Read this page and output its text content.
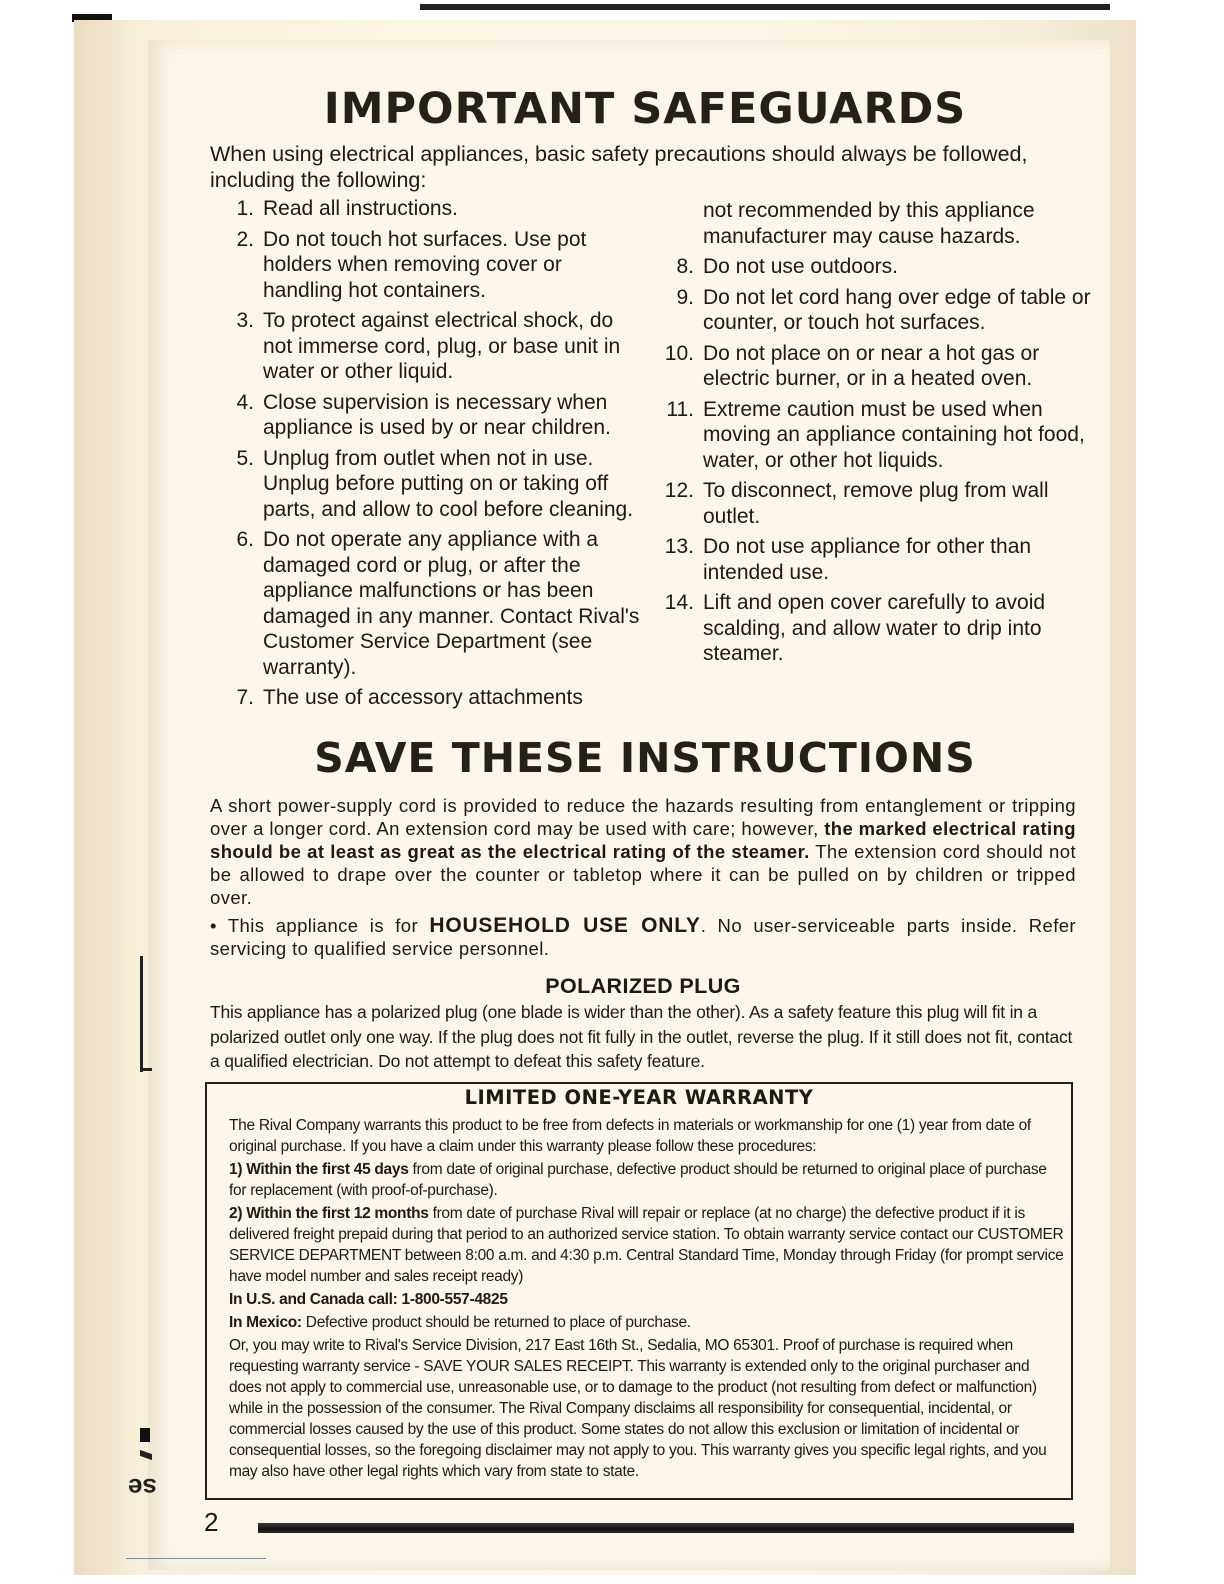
se
IMPORTANT SAFEGUARDS

When using electrical appliances, basic safety precautions should always be followed, including the following:

1. Read all instructions.
2. Do not touch hot surfaces. Use pot holders when removing cover or handling hot containers.
3. To protect against electrical shock, do not immerse cord, plug, or base unit in water or other liquid.
4. Close supervision is necessary when appliance is used by or near children.
5. Unplug from outlet when not in use. Unplug before putting on or taking off parts, and allow to cool before cleaning.
6. Do not operate any appliance with a damaged cord or plug, or after the appliance malfunctions or has been damaged in any manner. Contact Rival's Customer Service Department (see warranty).
7. The use of accessory attachments
not recommended by this appliance manufacturer may cause hazards.
8. Do not use outdoors.
9. Do not let cord hang over edge of table or counter, or touch hot surfaces.
10. Do not place on or near a hot gas or electric burner, or in a heated oven.
11. Extreme caution must be used when moving an appliance containing hot food, water, or other hot liquids.
12. To disconnect, remove plug from wall outlet.
13. Do not use appliance for other than intended use.
14. Lift and open cover carefully to avoid scalding, and allow water to drip into steamer.
SAVE THESE INSTRUCTIONS

A short power-supply cord is provided to reduce the hazards resulting from entanglement or tripping over a longer cord. An extension cord may be used with care; however, the marked electrical rating should be at least as great as the electrical rating of the steamer. The extension cord should not be allowed to drape over the counter or tabletop where it can be pulled on by children or tripped over.

• This appliance is for HOUSEHOLD USE ONLY. No user-serviceable parts inside. Refer servicing to qualified service personnel.

POLARIZED PLUG

This appliance has a polarized plug (one blade is wider than the other). As a safety feature this plug will fit in a polarized outlet only one way. If the plug does not fit fully in the outlet, reverse the plug. If it still does not fit, contact a qualified electrician. Do not attempt to defeat this safety feature.

LIMITED ONE-YEAR WARRANTY

The Rival Company warrants this product to be free from defects in materials or workmanship for one (1) year from date of original purchase. If you have a claim under this warranty please follow these procedures:

1) Within the first 45 days from date of original purchase, defective product should be returned to original place of purchase for replacement (with proof-of-purchase).

2) Within the first 12 months from date of purchase Rival will repair or replace (at no charge) the defective product if it is delivered freight prepaid during that period to an authorized service station. To obtain warranty service contact our CUSTOMER SERVICE DEPARTMENT between 8:00 a.m. and 4:30 p.m. Central Standard Time, Monday through Friday (for prompt service have model number and sales receipt ready)

In U.S. and Canada call: 1-800-557-4825

In Mexico: Defective product should be returned to place of purchase.

Or, you may write to Rival's Service Division, 217 East 16th St., Sedalia, MO 65301. Proof of purchase is required when requesting warranty service - SAVE YOUR SALES RECEIPT. This warranty is extended only to the original purchaser and does not apply to commercial use, unreasonable use, or to damage to the product (not resulting from defect or malfunction) while in the possession of the consumer. The Rival Company disclaims all responsibility for consequential, incidental, or commercial losses caused by the use of this product. Some states do not allow this exclusion or limitation of incidental or consequential losses, so the foregoing disclaimer may not apply to you. This warranty gives you specific legal rights, and you may also have other legal rights which vary from state to state.

2
